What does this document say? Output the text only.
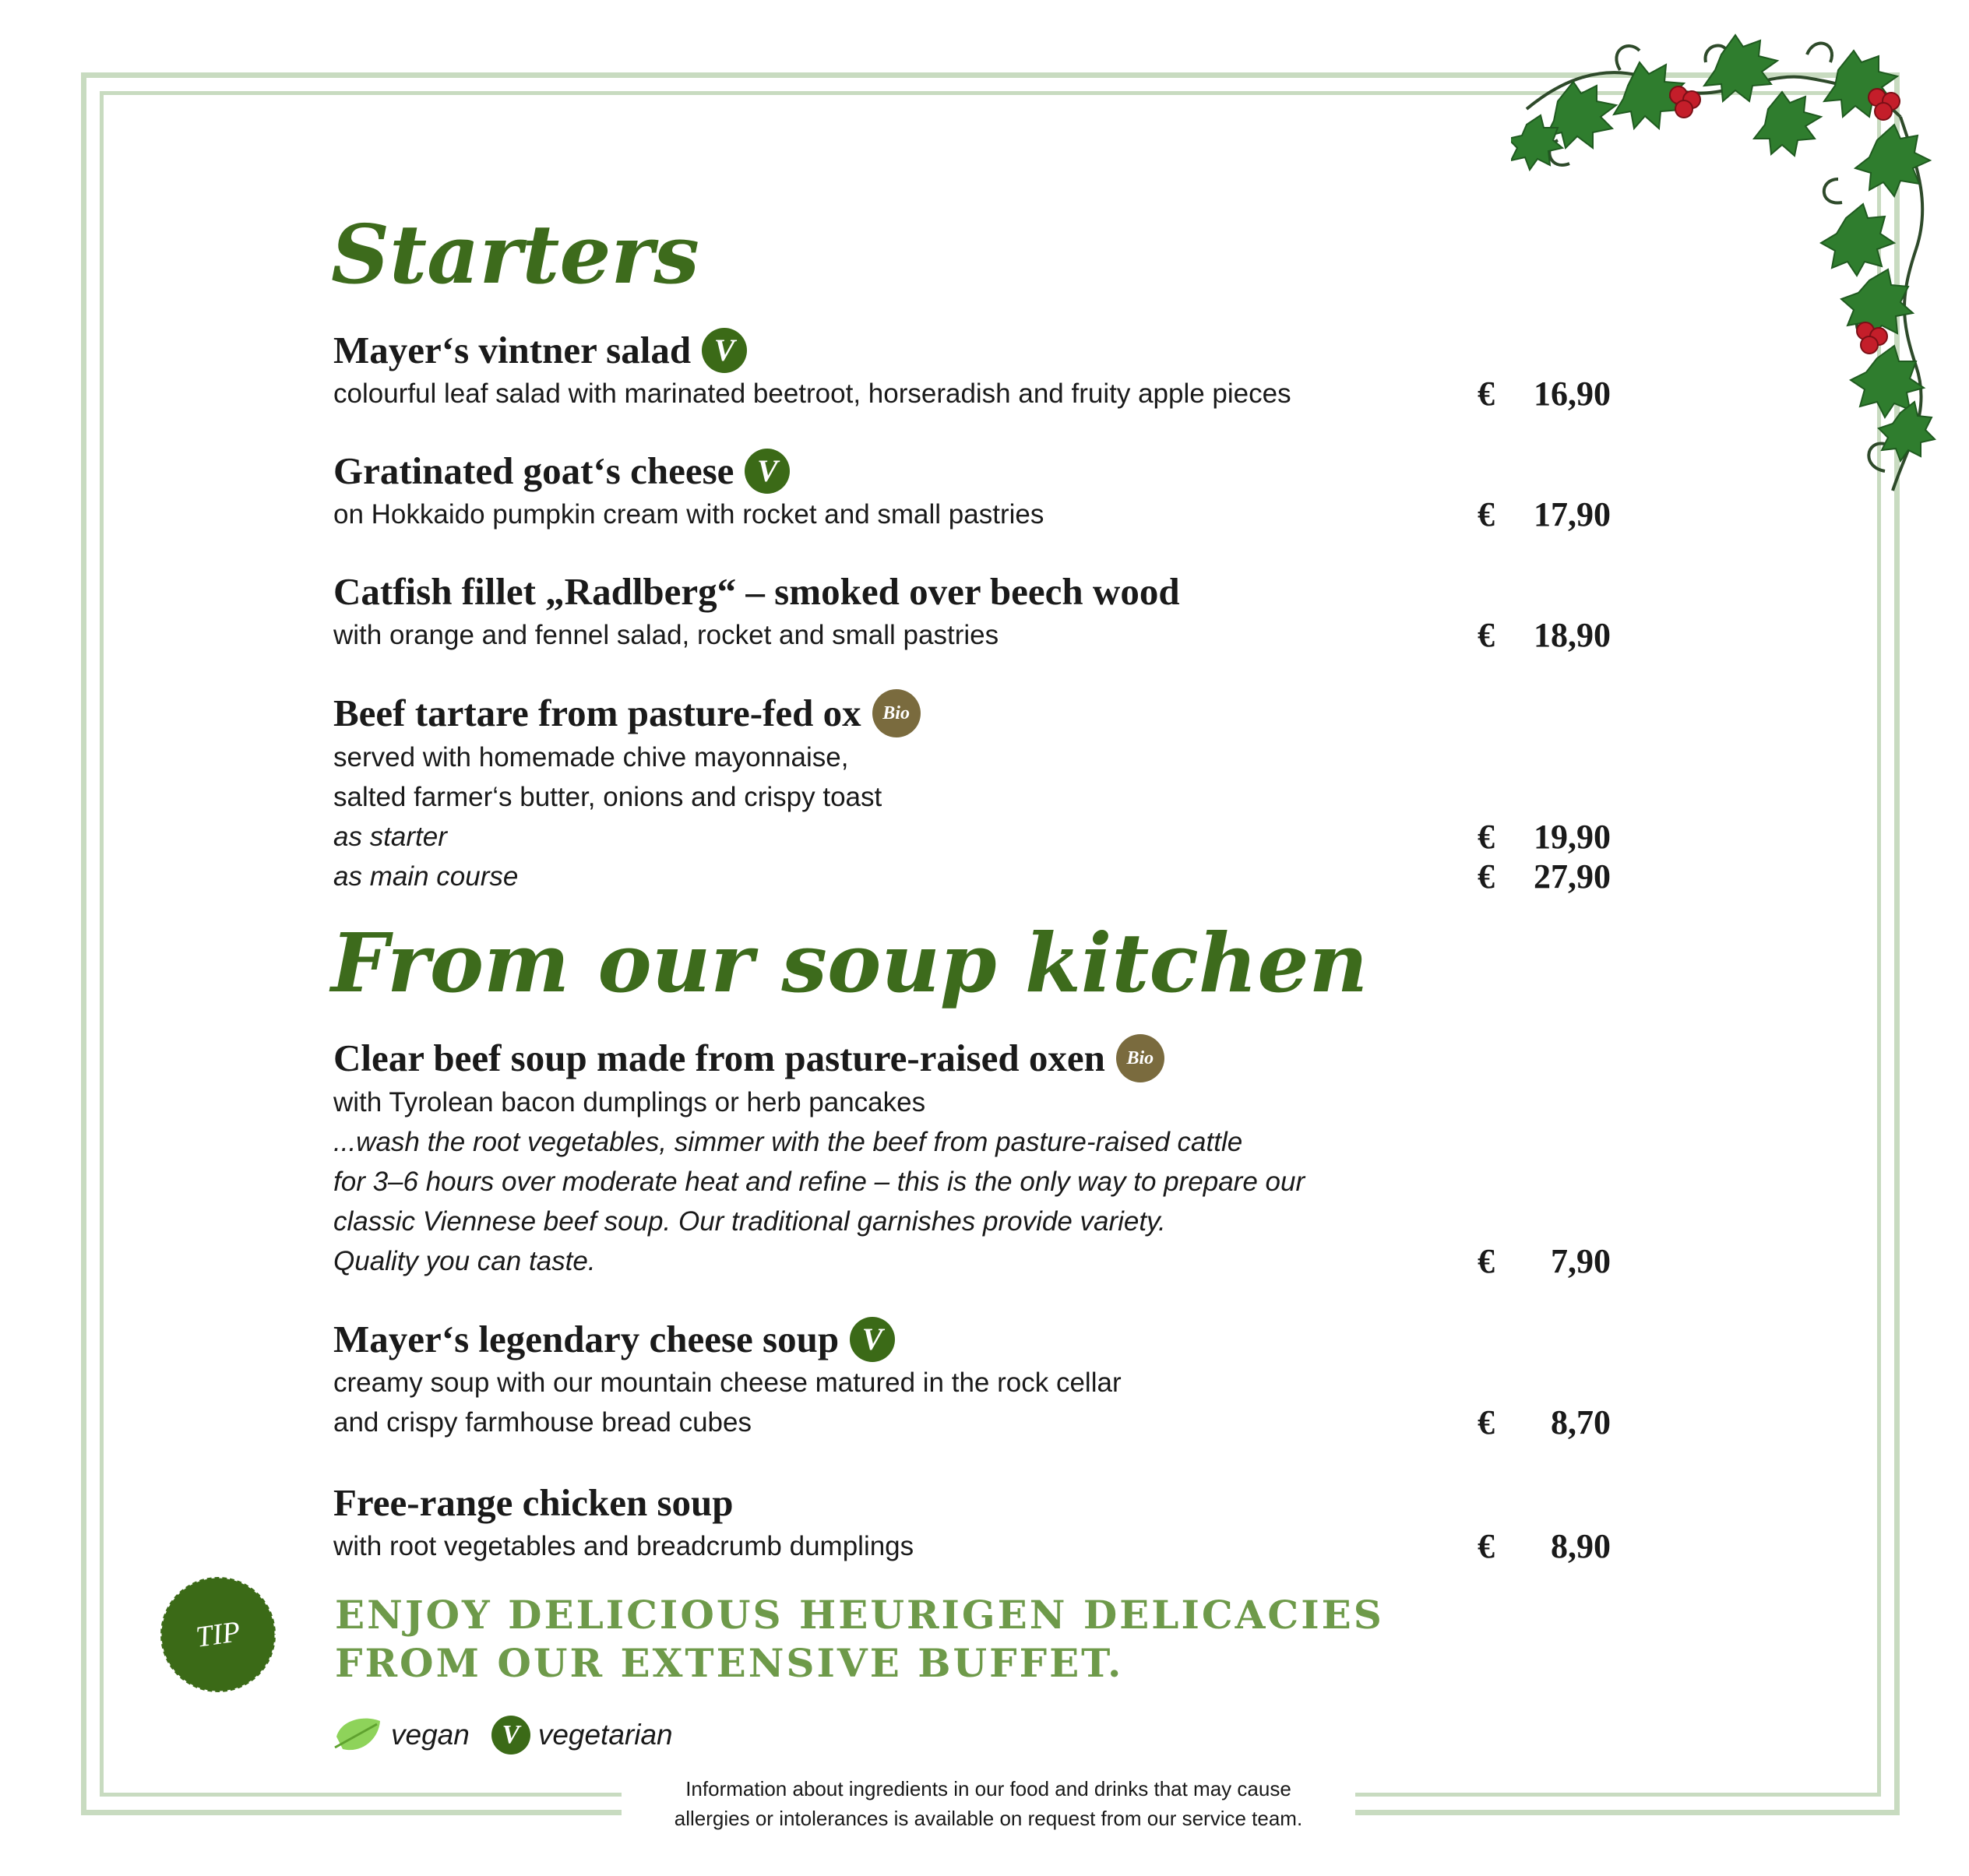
Starters
Mayer‘s vintner salad V
colourful leaf salad with marinated beetroot, horseradish and fruity apple pieces	€ 16,90
Gratinated goat‘s cheese V
on Hokkaido pumpkin cream with rocket and small pastries	€ 17,90
Catfish fillet „Radlberg“ – smoked over beech wood
with orange and fennel salad, rocket and small pastries	€ 18,90
Beef tartare from pasture-fed ox	Bio
served with homemade chive mayonnaise,
salted farmer‘s butter, onions and crispy toast
as starter	€ 19,90
as main course	€ 27,90
From our soup kitchen
Clear beef soup made from pasture-raised oxen	Bio
with Tyrolean bacon dumplings or herb pancakes
...wash the root vegetables, simmer with the beef from pasture-raised cattle
for 3–6 hours over moderate heat and refine – this is the only way to prepare our
classic Viennese beef soup. Our traditional garnishes provide variety.
Quality you can taste.	€ 7,90
Mayer‘s legendary cheese soup V
creamy soup with our mountain cheese matured in the rock cellar
and crispy farmhouse bread cubes	€ 8,70
Free-range chicken soup
with root vegetables and breadcrumb dumplings	€ 8,90
TIP	ENJOY DELICIOUS HEURIGEN DELICACIES
FROM OUR EXTENSIVE BUFFET.
vegan	V vegetarian
Information about ingredients in our food and drinks that may cause
allergies or intolerances is available on request from our service team.
